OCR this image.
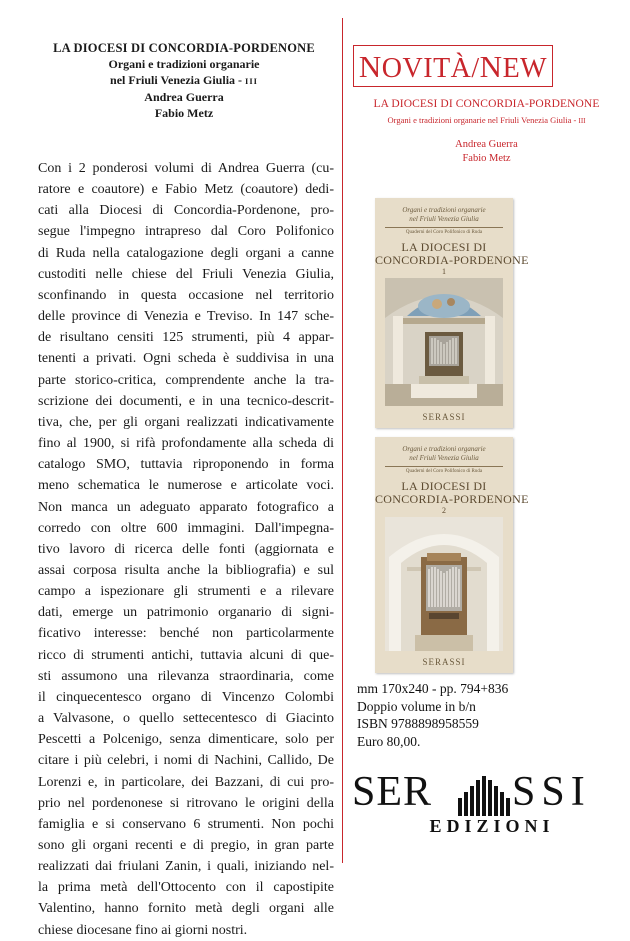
LA DIOCESI DI CONCORDIA-PORDENONE
Organi e tradizioni organarie
nel Friuli Venezia Giulia - III
Andrea Guerra
Fabio Metz
Con i 2 ponderosi volumi di Andrea Guerra (cu-
ratore e coautore) e Fabio Metz (coautore) dedi-
cati alla Diocesi di Concordia-Pordenone, pro-
segue l'impegno intrapreso dal Coro Polifonico
di Ruda nella catalogazione degli organi a canne
custoditi nelle chiese del Friuli Venezia Giulia,
sconfinando in questa occasione nel territorio
delle province di Venezia e Treviso. In 147 sche-
de risultano censiti 125 strumenti, più 4 appar-
tenenti a privati. Ogni scheda è suddivisa in una
parte storico-critica, comprendente anche la tra-
scrizione dei documenti, e in una tecnico-descrit-
tiva, che, per gli organi realizzati indicativamente
fino al 1900, si rifà profondamente alla scheda di
catalogo SMO, tuttavia riproponendo in forma
meno schematica le numerose e articolate voci.
Non manca un adeguato apparato fotografico a
corredo con oltre 600 immagini. Dall'impegna-
tivo lavoro di ricerca delle fonti (aggiornata e
assai corposa risulta anche la bibliografia) e sul
campo a ispezionare gli strumenti e a rilevare
dati, emerge un patrimonio organario di signi-
ficativo interesse: benché non particolarmente
ricco di strumenti antichi, tuttavia alcuni di que-
sti assumono una rilevanza straordinaria, come
il cinquecentesco organo di Vincenzo Colombi
a Valvasone, o quello settecentesco di Giacinto
Pescetti a Polcenigo, senza dimenticare, solo per
citare i più celebri, i nomi di Nachini, Callido, De
Lorenzi e, in particolare, dei Bazzani, di cui pro-
prio nel pordenonese si ritrovano le origini della
famiglia e si conservano 6 strumenti. Non pochi
sono gli organi recenti e di pregio, in gran parte
realizzati dai friulani Zanin, i quali, iniziando nel-
la prima metà dell'Ottocento con il capostipite
Valentino, hanno fornito metà degli organi alle
chiese diocesane fino ai giorni nostri.
NOVITÀ/NEW
LA DIOCESI DI CONCORDIA-PORDENONE
Organi e tradizioni organarie nel Friuli Venezia Giulia - III
Andrea Guerra
Fabio Metz
Organi e tradizioni organarie
nel Friuli Venezia Giulia
Quaderni del Coro Polifonico di Ruda
LA DIOCESI DI
CONCORDIA-PORDENONE
1
SERASSI
Organi e tradizioni organarie
nel Friuli Venezia Giulia
Quaderni del Coro Polifonico di Ruda
LA DIOCESI DI
CONCORDIA-PORDENONE
2
SERASSI
mm 170x240 - pp. 794+836
Doppio volume in b/n
ISBN 9788898958559
Euro 80,00.
SER SSI
EDIZIONI
